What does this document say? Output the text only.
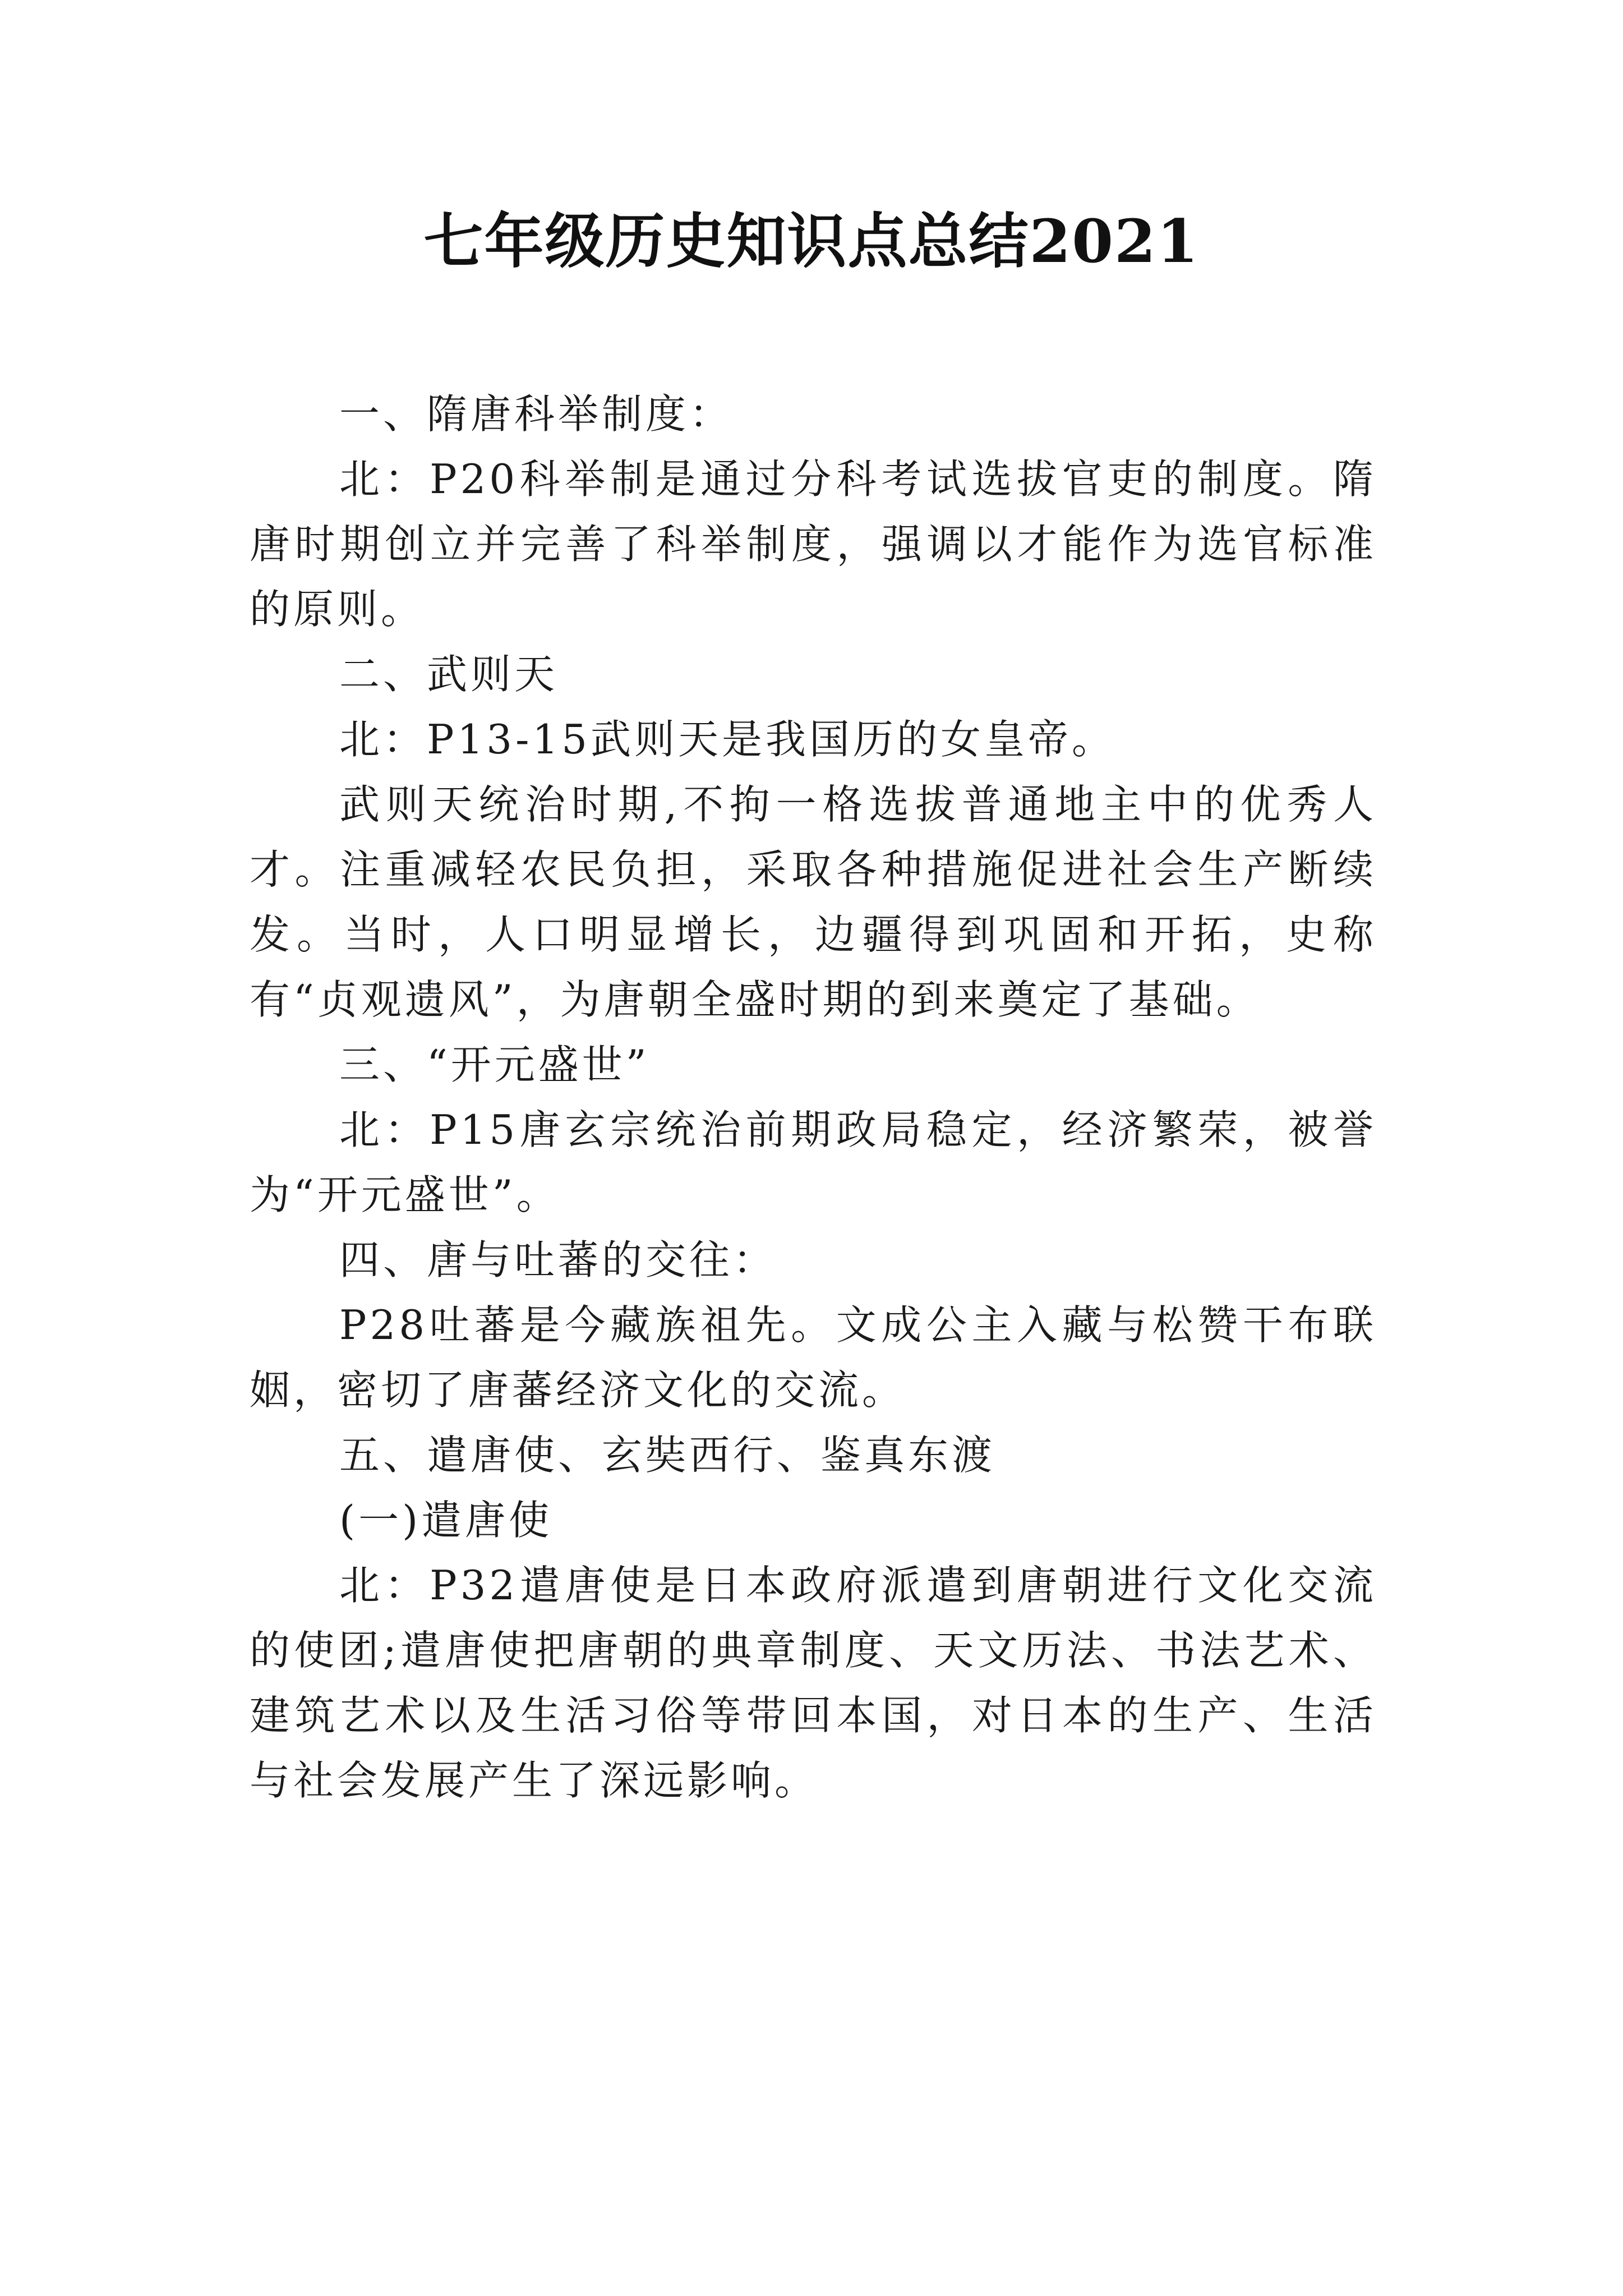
七年级历史知识点总结2021

一、隋唐科举制度：

北：P20科举制是通过分科考试选拔官吏的制度。隋唐时期创立并完善了科举制度，强调以才能作为选官标准的原则。

二、武则天

北：P13-15武则天是我国历的女皇帝。

武则天统治时期,不拘一格选拔普通地主中的优秀人才。注重减轻农民负担，采取各种措施促进社会生产断续发。当时，人口明显增长，边疆得到巩固和开拓，史称有“贞观遗风”，为唐朝全盛时期的到来奠定了基础。

三、“开元盛世”

北：P15唐玄宗统治前期政局稳定，经济繁荣，被誉为“开元盛世”。

四、唐与吐蕃的交往：

P28吐蕃是今藏族祖先。文成公主入藏与松赞干布联姻，密切了唐蕃经济文化的交流。

五、遣唐使、玄奘西行、鉴真东渡

(一)遣唐使

北：P32遣唐使是日本政府派遣到唐朝进行文化交流的使团;遣唐使把唐朝的典章制度、天文历法、书法艺术、建筑艺术以及生活习俗等带回本国，对日本的生产、生活与社会发展产生了深远影响。
